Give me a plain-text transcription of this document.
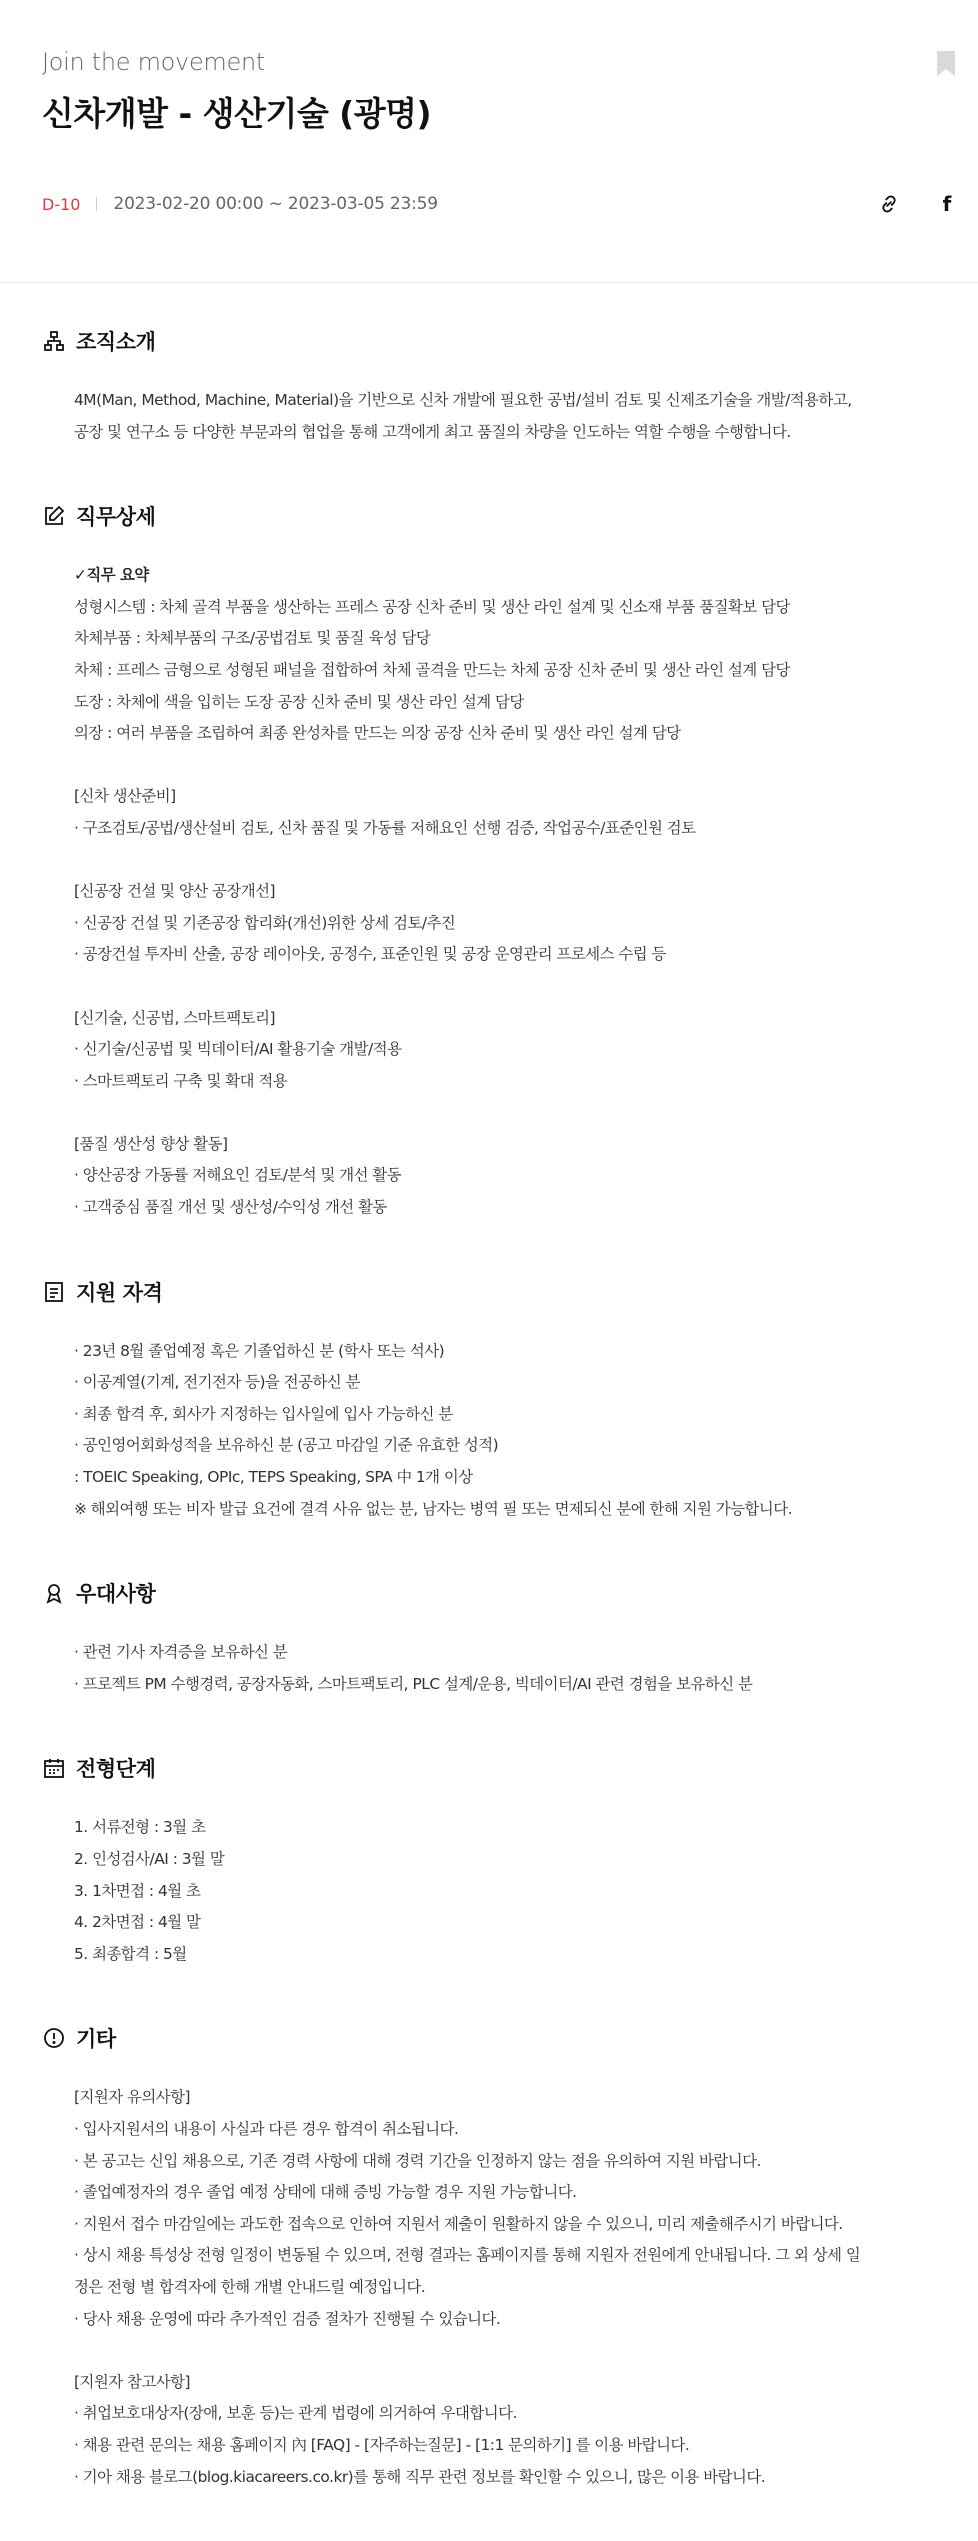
Join the movement
신차개발 - 생산기술 (광명)
D-10 2023-02-20 00:00 ~ 2023-03-05 23:59	f
조직소개
4M(Man, Method, Machine, Material)을 기반으로 신차 개발에 필요한 공법/설비 검토 및 신제조기술을 개발/적용하고,
공장 및 연구소 등 다양한 부문과의 협업을 통해 고객에게 최고 품질의 차량을 인도하는 역할 수행을 수행합니다.
직무상세
✓직무 요약
성형시스템 : 차체 골격 부품을 생산하는 프레스 공장 신차 준비 및 생산 라인 설계 및 신소재 부품 품질확보 담당
차체부품 : 차체부품의 구조/공법검토 및 품질 육성 담당
차체 : 프레스 금형으로 성형된 패널을 접합하여 차체 골격을 만드는 차체 공장 신차 준비 및 생산 라인 설계 담당
도장 : 차체에 색을 입히는 도장 공장 신차 준비 및 생산 라인 설계 담당
의장 : 여러 부품을 조립하여 최종 완성차를 만드는 의장 공장 신차 준비 및 생산 라인 설계 담당
[신차 생산준비]
· 구조검토/공법/생산설비 검토, 신차 품질 및 가동률 저해요인 선행 검증, 작업공수/표준인원 검토
[신공장 건설 및 양산 공장개선]
· 신공장 건설 및 기존공장 합리화(개선)위한 상세 검토/추진
· 공장건설 투자비 산출, 공장 레이아웃, 공정수, 표준인원 및 공장 운영관리 프로세스 수립 등
[신기술, 신공법, 스마트팩토리]
· 신기술/신공법 및 빅데이터/AI 활용기술 개발/적용
· 스마트팩토리 구축 및 확대 적용
[품질 생산성 향상 활동]
· 양산공장 가동률 저해요인 검토/분석 및 개선 활동
· 고객중심 품질 개선 및 생산성/수익성 개선 활동
지원 자격
· 23년 8월 졸업예정 혹은 기졸업하신 분 (학사 또는 석사)
· 이공계열(기계, 전기전자 등)을 전공하신 분
· 최종 합격 후, 회사가 지정하는 입사일에 입사 가능하신 분
· 공인영어회화성적을 보유하신 분 (공고 마감일 기준 유효한 성적)
: TOEIC Speaking, OPIc, TEPS Speaking, SPA 中 1개 이상
※ 해외여행 또는 비자 발급 요건에 결격 사유 없는 분, 남자는 병역 필 또는 면제되신 분에 한해 지원 가능합니다.
우대사항
· 관련 기사 자격증을 보유하신 분
· 프로젝트 PM 수행경력, 공장자동화, 스마트팩토리, PLC 설계/운용, 빅데이터/AI 관련 경험을 보유하신 분
전형단계
1. 서류전형 : 3월 초
2. 인성검사/AI : 3월 말
3. 1차면접 : 4월 초
4. 2차면접 : 4월 말
5. 최종합격 : 5월
기타
[지원자 유의사항]
· 입사지원서의 내용이 사실과 다른 경우 합격이 취소됩니다.
· 본 공고는 신입 채용으로, 기존 경력 사항에 대해 경력 기간을 인정하지 않는 점을 유의하여 지원 바랍니다.
· 졸업예정자의 경우 졸업 예정 상태에 대해 증빙 가능할 경우 지원 가능합니다.
· 지원서 접수 마감일에는 과도한 접속으로 인하여 지원서 제출이 원활하지 않을 수 있으니, 미리 제출해주시기 바랍니다.
· 상시 채용 특성상 전형 일정이 변동될 수 있으며, 전형 결과는 홈페이지를 통해 지원자 전원에게 안내됩니다. 그 외 상세 일
정은 전형 별 합격자에 한해 개별 안내드릴 예정입니다.
· 당사 채용 운영에 따라 추가적인 검증 절차가 진행될 수 있습니다.
[지원자 참고사항]
· 취업보호대상자(장애, 보훈 등)는 관계 법령에 의거하여 우대합니다.
· 채용 관련 문의는 채용 홈페이지 內 [FAQ] - [자주하는질문] - [1:1 문의하기] 를 이용 바랍니다.
· 기아 채용 블로그(blog.kiacareers.co.kr)를 통해 직무 관련 정보를 확인할 수 있으니, 많은 이용 바랍니다.
